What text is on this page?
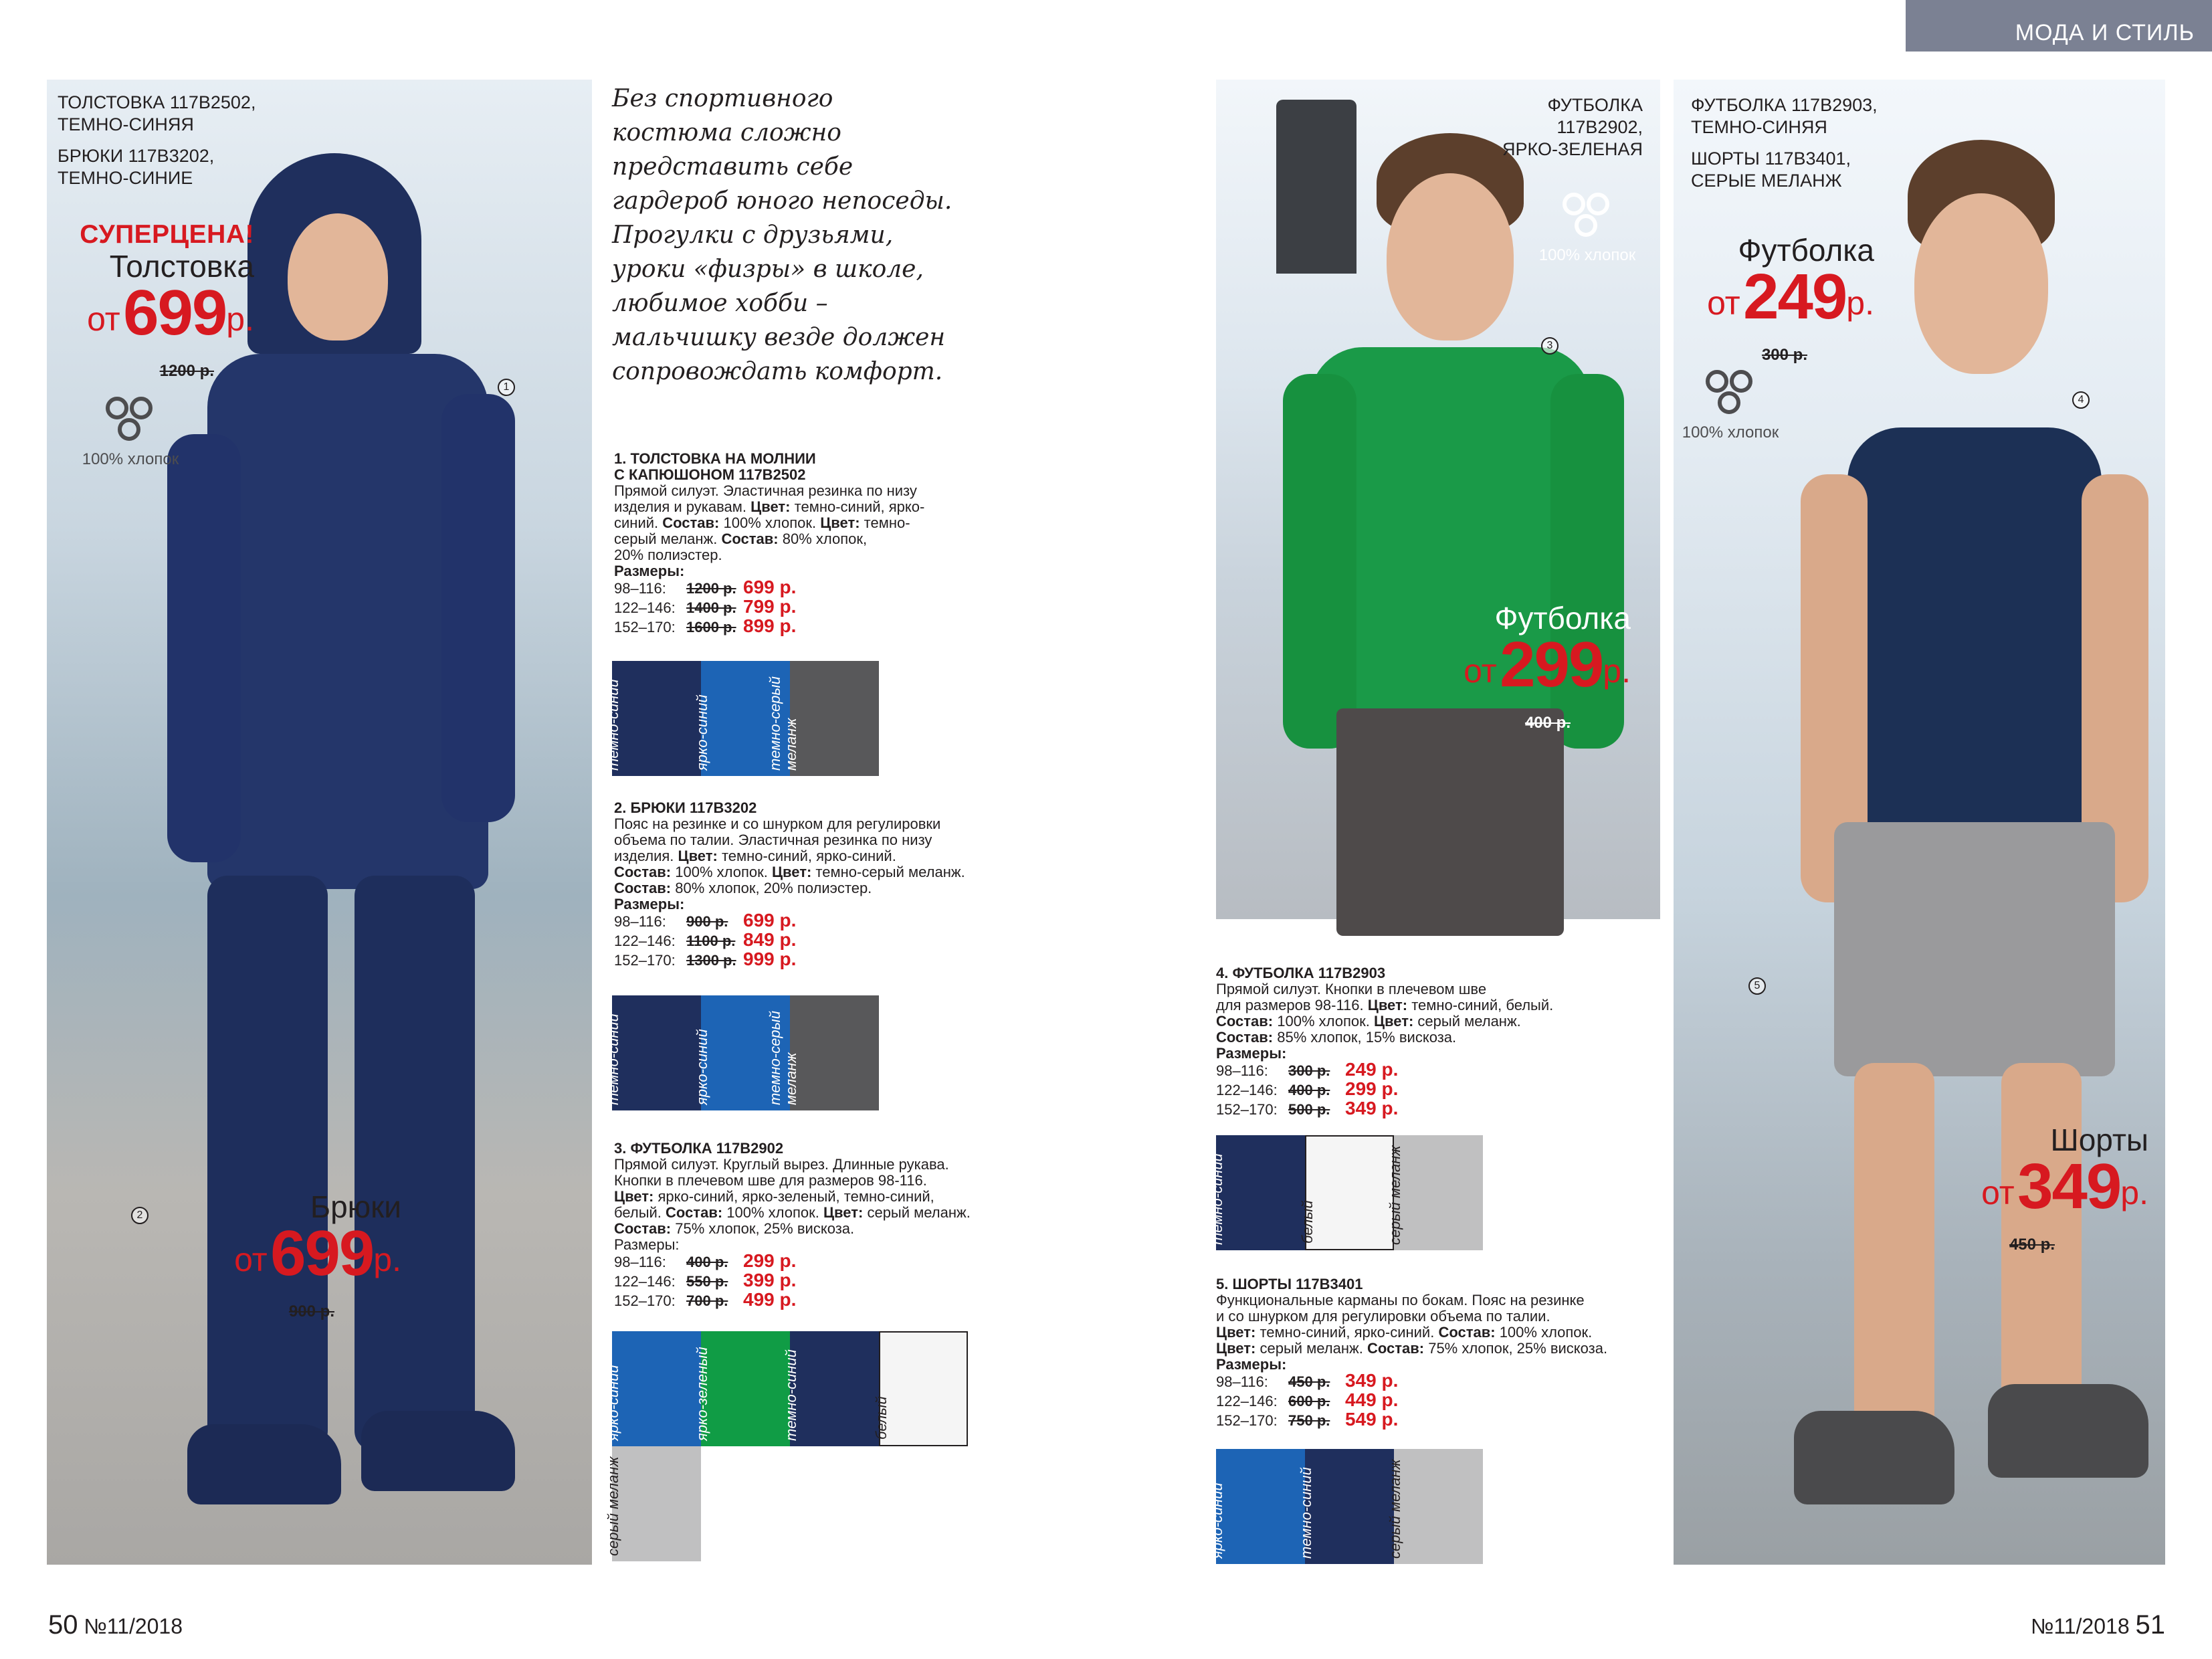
МОДА И СТИЛЬ
ТОЛСТОВКА 117В2502,
ТЕМНО-СИНЯЯ
БРЮКИ 117В3202,
ТЕМНО-СИНИЕ
СУПЕРЦЕНА!
Толстовка
от 699р.
1200 р.
100% хлопок
1
2	Брюки
от 699р.
900 р.
Без спортивного
костюма сложно
представить себе
гардероб юного непоседы.
Прогулки с друзьями,
уроки «физры» в школе,
любимое хобби –
мальчишку везде должен
сопровождать комфорт.
1. ТОЛСТОВКА НА МОЛНИИ
С КАПЮШОНОМ 117В2502
Прямой силуэт. Эластичная резинка по низу
изделия и рукавам. Цвет: темно-синий, ярко-
синий. Состав: 100% хлопок. Цвет: темно-
серый меланж. Состав: 80% хлопок,
20% полиэстер.
Размеры:
98–116:	1200 р. 699 р.
122–146: 1400 р. 799 р.
152–170: 1600 р. 899 р.
темно-синий	ярко-синий	темно-серый меланж
2. БРЮКИ 117В3202
Пояс на резинке и со шнурком для регулировки
объема по талии. Эластичная резинка по низу
изделия. Цвет: темно-синий, ярко-синий.
Состав: 100% хлопок. Цвет: темно-серый меланж.
Состав: 80% хлопок, 20% полиэстер.
Размеры:
98–116:	900 р. 699 р.
122–146: 1100 р. 849 р.
152–170: 1300 р. 999 р.
темно-синий	ярко-синий	темно-серый меланж
3. ФУТБОЛКА 117В2902
Прямой силуэт. Круглый вырез. Длинные рукава.
Кнопки в плечевом шве для размеров 98-116.
Цвет: ярко-синий, ярко-зеленый, темно-синий,
белый. Состав: 100% хлопок. Цвет: серый меланж.
Состав: 75% хлопок, 25% вискоза.
Размеры:
98–116:	400 р. 299 р.
122–146: 550 р. 399 р.
152–170: 700 р. 499 р.
ярко-синий	ярко-зеленый	темно-синий	белый
серый меланж
ФУТБОЛКА
117В2902,
ЯРКО-ЗЕЛЕНАЯ
100% хлопок
3
Футболка
от 299р.
400 р.
4. ФУТБОЛКА 117В2903
Прямой силуэт. Кнопки в плечевом шве
для размеров 98-116. Цвет: темно-синий, белый.
Состав: 100% хлопок. Цвет: серый меланж.
Состав: 85% хлопок, 15% вискоза.
Размеры:
98–116:	300 р. 249 р.
122–146: 400 р. 299 р.
152–170: 500 р. 349 р.
темно-синий	белый	серый меланж
5. ШОРТЫ 117В3401
Функциональные карманы по бокам. Пояс на резинке
и со шнурком для регулировки объема по талии.
Цвет: темно-синий, ярко-синий. Состав: 100% хлопок.
Цвет: серый меланж. Состав: 75% хлопок, 25% вискоза.
Размеры:
98–116:	450 р. 349 р.
122–146: 600 р. 449 р.
152–170: 750 р. 549 р.
ярко-синий	темно-синий	серый меланж
ФУТБОЛКА 117В2903,
ТЕМНО-СИНЯЯ
ШОРТЫ 117В3401,
СЕРЫЕ МЕЛАНЖ
Футболка
от 249р.
300 р.
100% хлопок
4
5
Шорты
от 349р.
450 р.
50 №11/2018	№11/2018 51
